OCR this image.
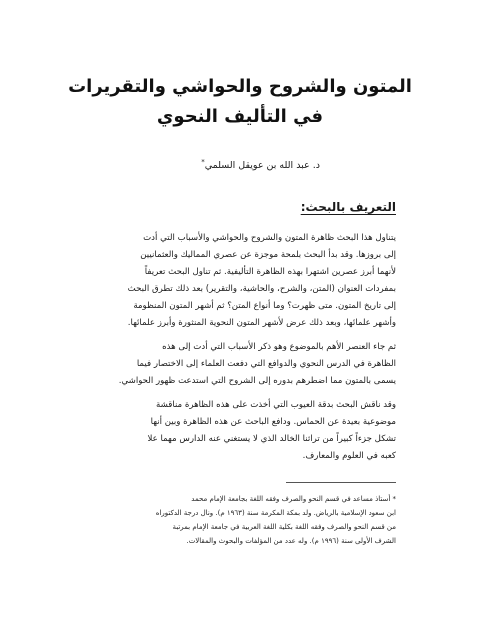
المتون والشروح والحواشي والتقريرات
في التأليف النحوي
د. عبد الله بن عويقل السلمي*
التعريف بالبحث:

يتناول هذا البحث ظاهرة المتون والشروح والحواشي والأسباب التي أدت
إلى بروزها. وقد بدأ البحث بلمحة موجزة عن عصري المماليك والعثمانيين
لأنهما أبرز عصرين اشتهرا بهذه الظاهرة التأليفية. ثم تناول البحث تعريفاً
بمفردات العنوان (المتن، والشرح، والحاشية، والتقرير) بعد ذلك تطرق البحث
إلى تاريخ المتون. متى ظهرت؟ وما أنواع المتن؟ ثم أشهر المتون المنظومة
وأشهر علمائها، وبعد ذلك عرض لأشهر المتون النحوية المنثورة وأبرز علمائها.

ثم جاء العنصر الأهم بالموضوع وهو ذكر الأسباب التي أدت إلى هذه
الظاهرة في الدرس النحوي والدوافع التي دفعت العلماء إلى الاختصار فيما
يسمى بالمتون مما اضطرهم بدوره إلى الشروح التي استدعت ظهور الحواشي.

وقد ناقش البحث بدقة العيوب التي أخذت على هذه الظاهرة مناقشة
موضوعية بعيدة عن الحماس. ودافع الباحث عن هذه الظاهرة وبين أنها
تشكل جزءاً كبيراً من تراثنا الخالد الذي لا يستغني عنه الدارس مهما علا
كعبه في العلوم والمعارف.

* أستاذ مساعد في قسم النحو والصرف وفقه اللغة بجامعة الإمام محمد
ابن سعود الإسلامية بالرياض. ولد بمكة المكرمة سنة (١٩٦٣ م). ونال درجة الدكتوراه
من قسم النحو والصرف وفقه اللغة بكلية اللغة العربية في جامعة الإمام بمرتبة
الشرف الأولى سنة (١٩٩٦ م). وله عدد من المؤلفات والبحوث والمقالات.
